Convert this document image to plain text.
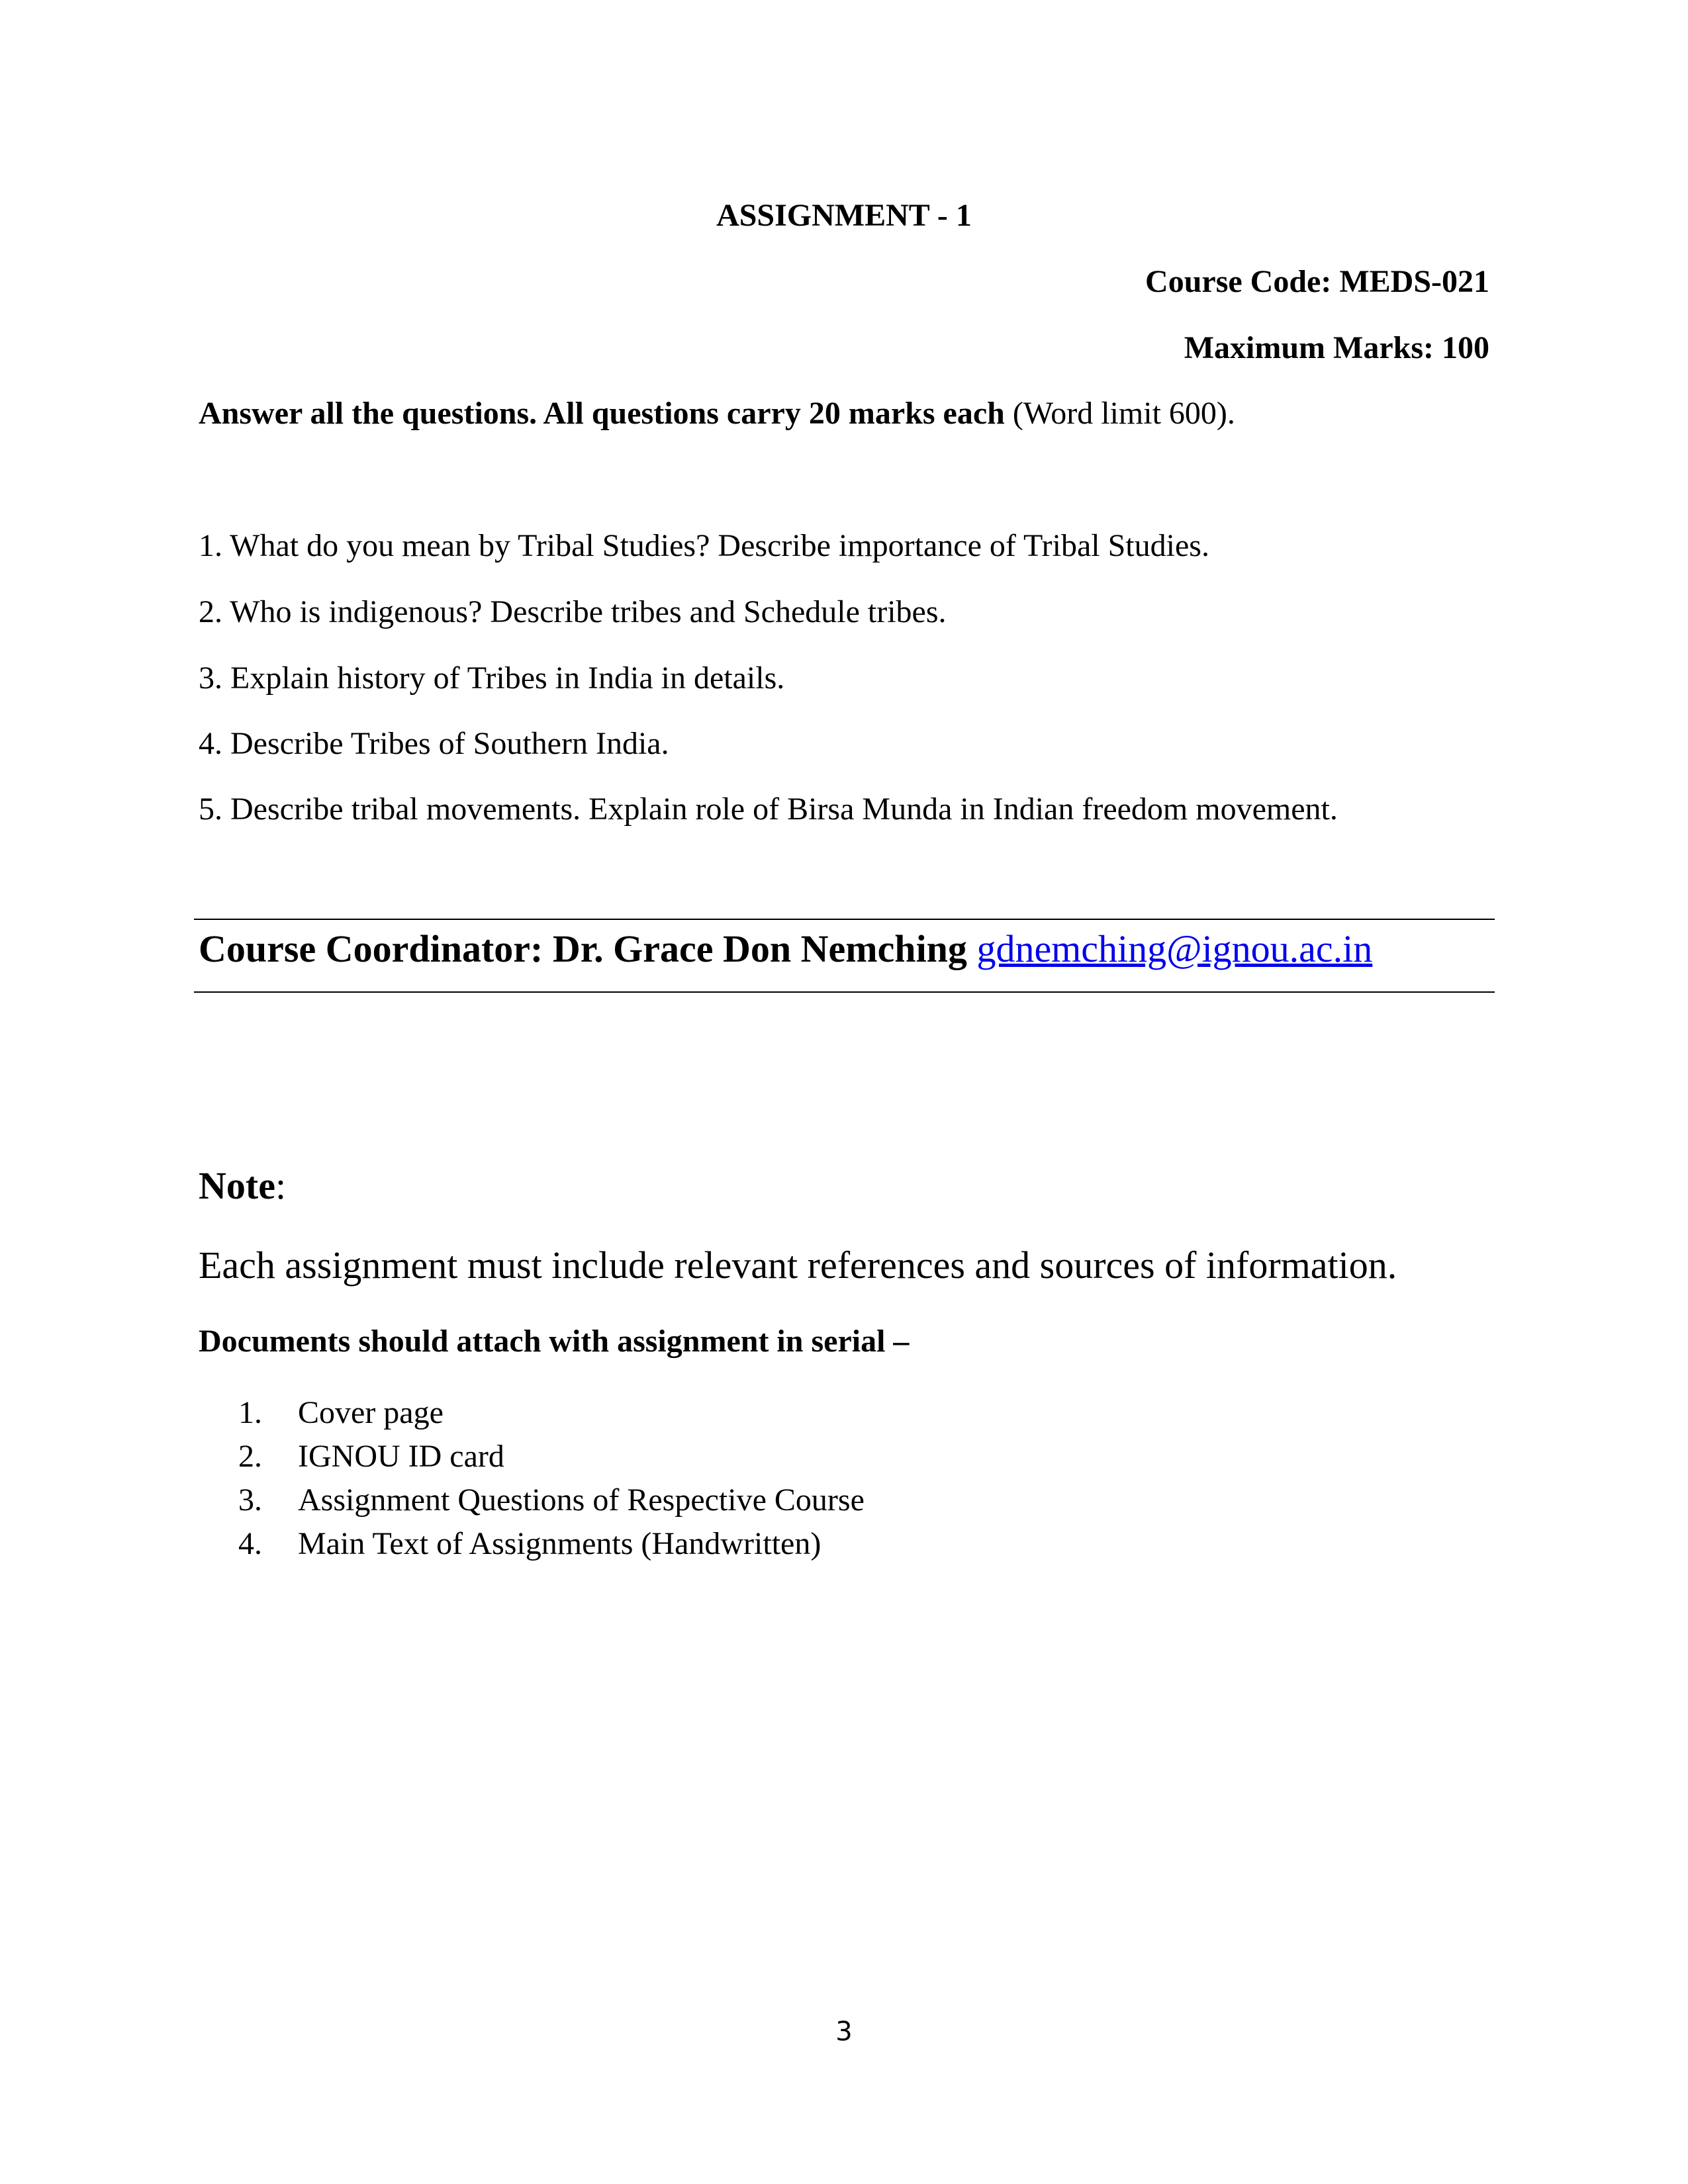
ASSIGNMENT - 1
Course Code: MEDS-021
Maximum Marks: 100
Answer all the questions. All questions carry 20 marks each (Word limit 600).
1. What do you mean by Tribal Studies? Describe importance of Tribal Studies.
2. Who is indigenous? Describe tribes and Schedule tribes.
3. Explain history of Tribes in India in details.
4. Describe Tribes of Southern India.
5. Describe tribal movements. Explain role of Birsa Munda in Indian freedom movement.
Course Coordinator: Dr. Grace Don Nemching gdnemching@ignou.ac.in
Note:
Each assignment must include relevant references and sources of information.
Documents should attach with assignment in serial –
1. Cover page
2. IGNOU ID card
3. Assignment Questions of Respective Course
4. Main Text of Assignments (Handwritten)
3
